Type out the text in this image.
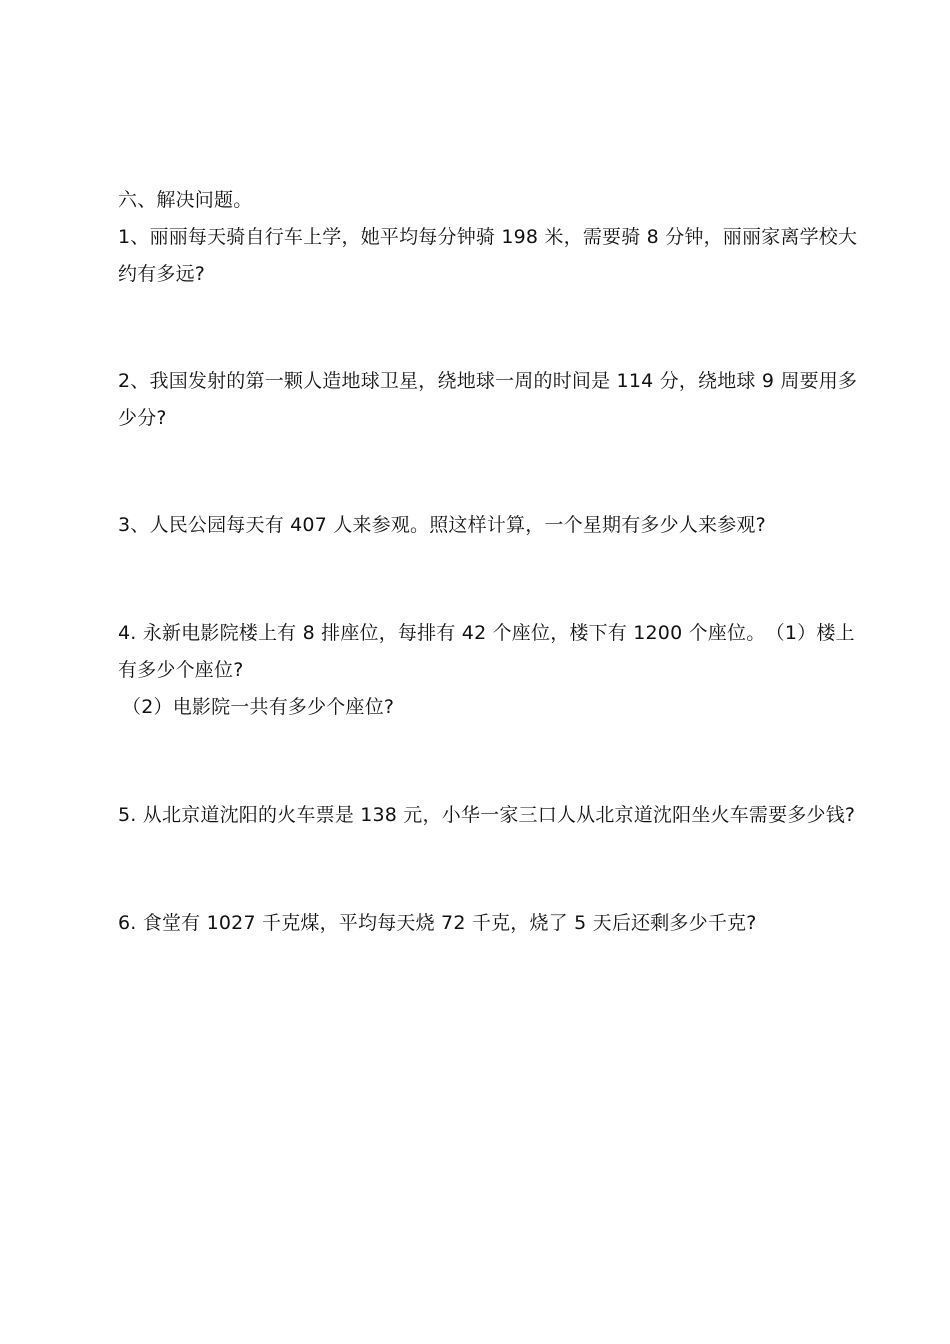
六、解决问题。
1、丽丽每天骑自行车上学，她平均每分钟骑 198 米，需要骑 8 分钟，丽丽家离学校大
约有多远?
2、我国发射的第一颗人造地球卫星，绕地球一周的时间是 114 分，绕地球 9 周要用多
少分?
3、人民公园每天有 407 人来参观。照这样计算，一个星期有多少人来参观?
4. 永新电影院楼上有 8 排座位，每排有 42 个座位，楼下有 1200 个座位。　（1）楼上
有多少个座位?
（2）电影院一共有多少个座位?
5. 从北京道沈阳的火车票是 138 元，小华一家三口人从北京道沈阳坐火车需要多少钱?
6. 食堂有 1027 千克煤，平均每天烧 72 千克，烧了 5 天后还剩多少千克?
